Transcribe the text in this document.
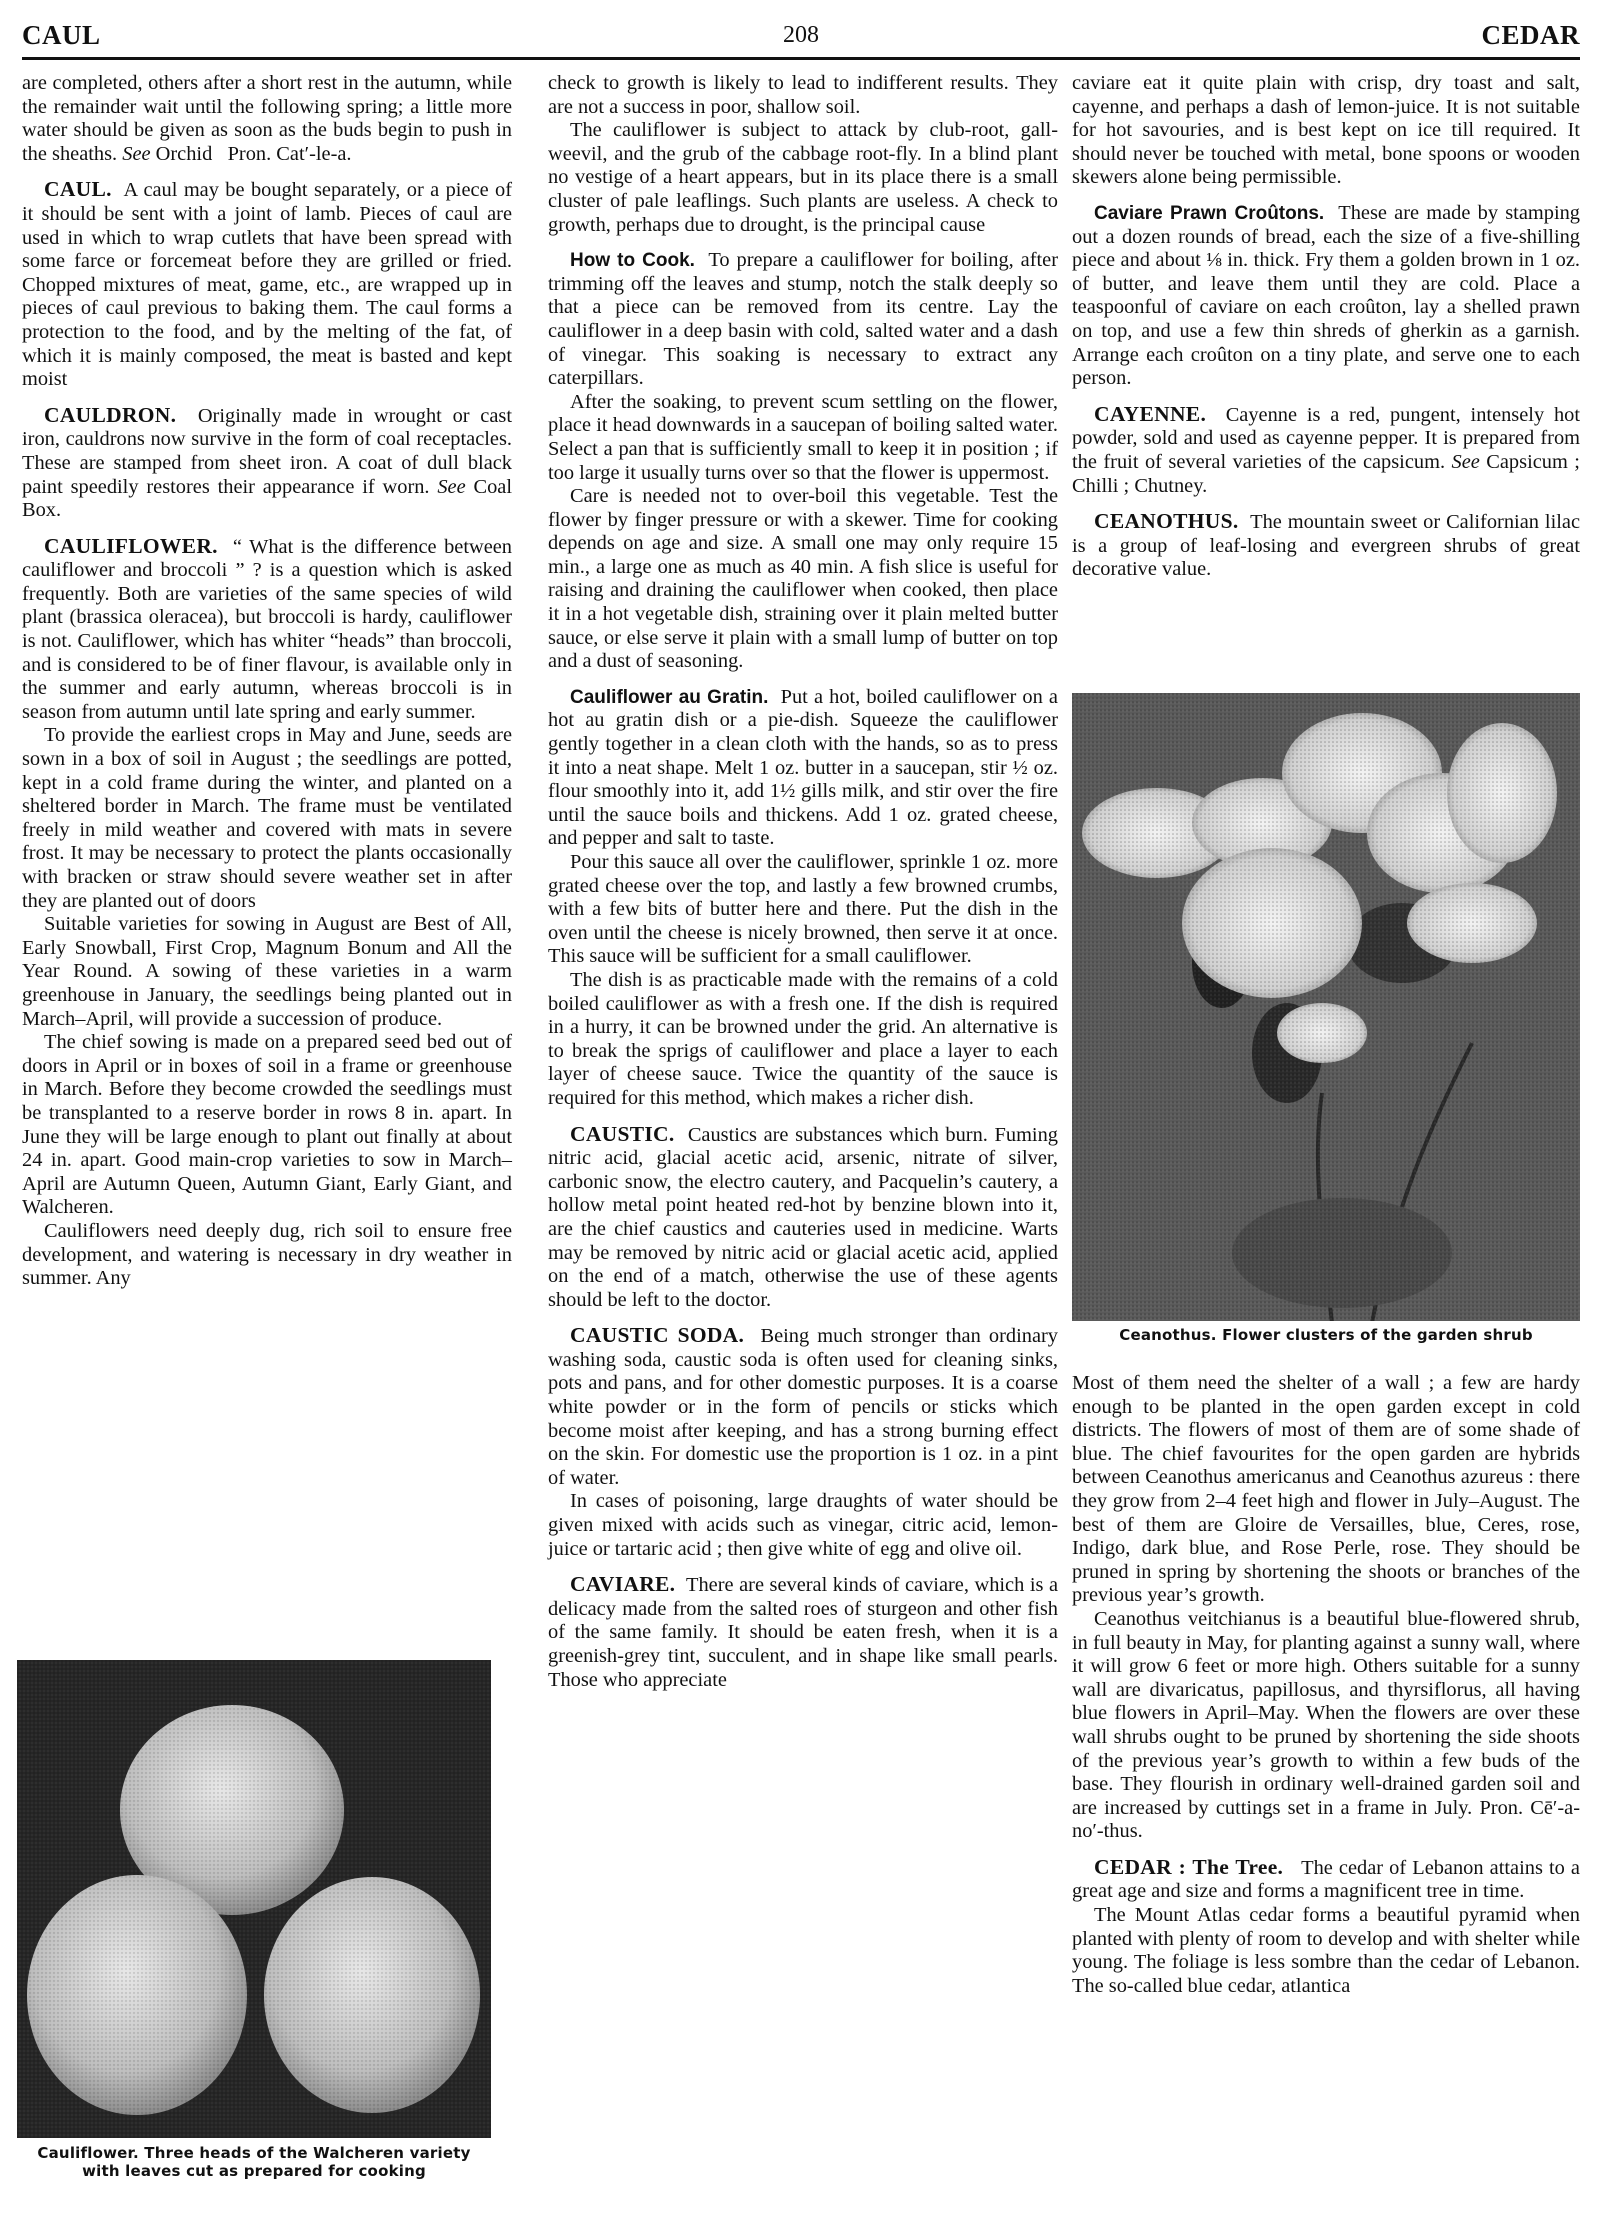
CAUL	208	CEDAR

are completed, others after a short rest in the autumn, while the remainder wait until the following spring; a little more water should be given as soon as the buds begin to push in the sheaths. See Orchid Pron. Cat′-le-a.

CAUL. A caul may be bought separately, or a piece of it should be sent with a joint of lamb. Pieces of caul are used in which to wrap cutlets that have been spread with some farce or forcemeat before they are grilled or fried. Chopped mixtures of meat, game, etc., are wrapped up in pieces of caul previous to baking them. The caul forms a protection to the food, and by the melting of the fat, of which it is mainly composed, the meat is basted and kept moist

CAULDRON. Originally made in wrought or cast iron, cauldrons now survive in the form of coal receptacles. These are stamped from sheet iron. A coat of dull black paint speedily restores their appearance if worn. See Coal Box.

CAULIFLOWER. “ What is the difference between cauliflower and broccoli ” ? is a question which is asked frequently. Both are varieties of the same species of wild plant (brassica oleracea), but broccoli is hardy, cauliflower is not. Cauliflower, which has whiter “heads” than broccoli, and is considered to be of finer flavour, is available only in the summer and early autumn, whereas broccoli is in season from autumn until late spring and early summer.

To provide the earliest crops in May and June, seeds are sown in a box of soil in August ; the seedlings are potted, kept in a cold frame during the winter, and planted on a sheltered border in March. The frame must be ventilated freely in mild weather and covered with mats in severe frost. It may be necessary to protect the plants occasionally with bracken or straw should severe weather set in after they are planted out of doors

Suitable varieties for sowing in August are Best of All, Early Snowball, First Crop, Magnum Bonum and All the Year Round. A sowing of these varieties in a warm greenhouse in January, the seedlings being planted out in March–April, will provide a succession of produce.

The chief sowing is made on a prepared seed bed out of doors in April or in boxes of soil in a frame or greenhouse in March. Before they become crowded the seedlings must be transplanted to a reserve border in rows 8 in. apart. In June they will be large enough to plant out finally at about 24 in. apart. Good main-crop varieties to sow in March–April are Autumn Queen, Autumn Giant, Early Giant, and Walcheren.

Cauliflowers need deeply dug, rich soil to ensure free development, and watering is necessary in dry weather in summer. Any

Cauliflower. Three heads of the Walcheren variety
with leaves cut as prepared for cooking

check to growth is likely to lead to indifferent results. They are not a success in poor, shallow soil.

The cauliflower is subject to attack by club-root, gall-weevil, and the grub of the cabbage root-fly. In a blind plant no vestige of a heart appears, but in its place there is a small cluster of pale leaflings. Such plants are useless. A check to growth, perhaps due to drought, is the principal cause

How to Cook. To prepare a cauliflower for boiling, after trimming off the leaves and stump, notch the stalk deeply so that a piece can be removed from its centre. Lay the cauliflower in a deep basin with cold, salted water and a dash of vinegar. This soaking is necessary to extract any caterpillars.

After the soaking, to prevent scum settling on the flower, place it head downwards in a saucepan of boiling salted water. Select a pan that is sufficiently small to keep it in position ; if too large it usually turns over so that the flower is uppermost.

Care is needed not to over-boil this vegetable. Test the flower by finger pressure or with a skewer. Time for cooking depends on age and size. A small one may only require 15 min., a large one as much as 40 min. A fish slice is useful for raising and draining the cauliflower when cooked, then place it in a hot vegetable dish, straining over it plain melted butter sauce, or else serve it plain with a small lump of butter on top and a dust of seasoning.

Cauliflower au Gratin. Put a hot, boiled cauliflower on a hot au gratin dish or a pie-dish. Squeeze the cauliflower gently together in a clean cloth with the hands, so as to press it into a neat shape. Melt 1 oz. butter in a saucepan, stir ½ oz. flour smoothly into it, add 1½ gills milk, and stir over the fire until the sauce boils and thickens. Add 1 oz. grated cheese, and pepper and salt to taste.

Pour this sauce all over the cauliflower, sprinkle 1 oz. more grated cheese over the top, and lastly a few browned crumbs, with a few bits of butter here and there. Put the dish in the oven until the cheese is nicely browned, then serve it at once. This sauce will be sufficient for a small cauliflower.

The dish is as practicable made with the remains of a cold boiled cauliflower as with a fresh one. If the dish is required in a hurry, it can be browned under the grid. An alternative is to break the sprigs of cauliflower and place a layer to each layer of cheese sauce. Twice the quantity of the sauce is required for this method, which makes a richer dish.

CAUSTIC. Caustics are substances which burn. Fuming nitric acid, glacial acetic acid, arsenic, nitrate of silver, carbonic snow, the electro cautery, and Pacquelin’s cautery, a hollow metal point heated red-hot by benzine blown into it, are the chief caustics and cauteries used in medicine. Warts may be removed by nitric acid or glacial acetic acid, applied on the end of a match, otherwise the use of these agents should be left to the doctor.

CAUSTIC SODA. Being much stronger than ordinary washing soda, caustic soda is often used for cleaning sinks, pots and pans, and for other domestic purposes. It is a coarse white powder or in the form of pencils or sticks which become moist after keeping, and has a strong burning effect on the skin. For domestic use the proportion is 1 oz. in a pint of water.

In cases of poisoning, large draughts of water should be given mixed with acids such as vinegar, citric acid, lemon-juice or tartaric acid ; then give white of egg and olive oil.

CAVIARE. There are several kinds of caviare, which is a delicacy made from the salted roes of sturgeon and other fish of the same family. It should be eaten fresh, when it is a greenish-grey tint, succulent, and in shape like small pearls. Those who appreciate

caviare eat it quite plain with crisp, dry toast and salt, cayenne, and perhaps a dash of lemon-juice. It is not suitable for hot savouries, and is best kept on ice till required. It should never be touched with metal, bone spoons or wooden skewers alone being permissible.

Caviare Prawn Croûtons. These are made by stamping out a dozen rounds of bread, each the size of a five-shilling piece and about ⅛ in. thick. Fry them a golden brown in 1 oz. of butter, and leave them until they are cold. Place a teaspoonful of caviare on each croûton, lay a shelled prawn on top, and use a few thin shreds of gherkin as a garnish. Arrange each croûton on a tiny plate, and serve one to each person.

CAYENNE. Cayenne is a red, pungent, intensely hot powder, sold and used as cayenne pepper. It is prepared from the fruit of several varieties of the capsicum. See Capsicum ; Chilli ; Chutney.

CEANOTHUS. The mountain sweet or Californian lilac is a group of leaf-losing and evergreen shrubs of great decorative value.

Ceanothus. Flower clusters of the garden shrub

Most of them need the shelter of a wall ; a few are hardy enough to be planted in the open garden except in cold districts. The flowers of most of them are of some shade of blue. The chief favourites for the open garden are hybrids between Ceanothus americanus and Ceanothus azureus : there they grow from 2–4 feet high and flower in July–August. The best of them are Gloire de Versailles, blue, Ceres, rose, Indigo, dark blue, and Rose Perle, rose. They should be pruned in spring by shortening the shoots or branches of the previous year’s growth.

Ceanothus veitchianus is a beautiful blue-flowered shrub, in full beauty in May, for planting against a sunny wall, where it will grow 6 feet or more high. Others suitable for a sunny wall are divaricatus, papillosus, and thyrsiflorus, all having blue flowers in April–May. When the flowers are over these wall shrubs ought to be pruned by shortening the side shoots of the previous year’s growth to within a few buds of the base. They flourish in ordinary well-drained garden soil and are increased by cuttings set in a frame in July. Pron. Cē′-a-no′-thus.

CEDAR : The Tree. The cedar of Lebanon attains to a great age and size and forms a magnificent tree in time.

The Mount Atlas cedar forms a beautiful pyramid when planted with plenty of room to develop and with shelter while young. The foliage is less sombre than the cedar of Lebanon. The so-called blue cedar, atlantica
